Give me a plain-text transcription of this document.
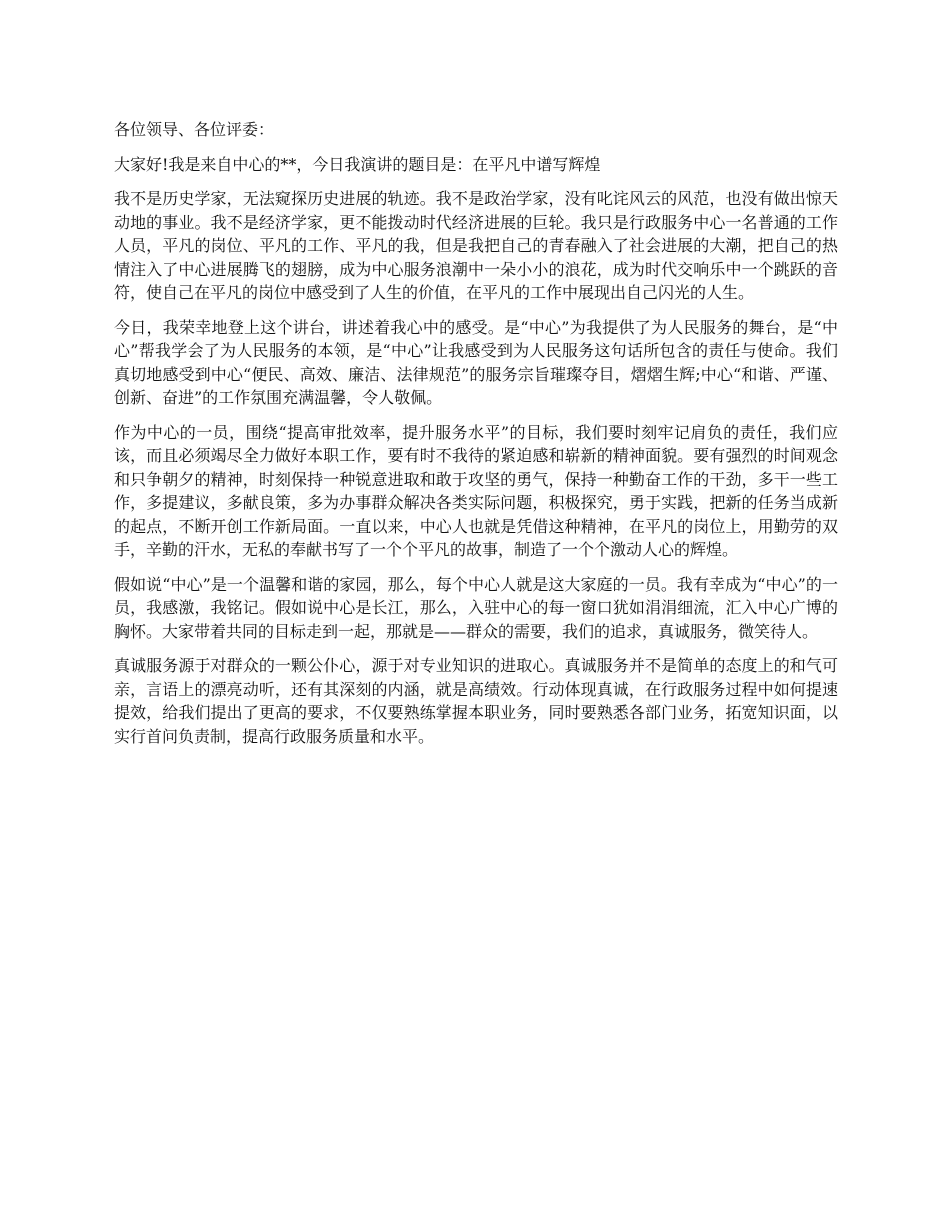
各位领导、各位评委：

大家好!我是来自中心的**，今日我演讲的题目是：在平凡中谱写辉煌

我不是历史学家，无法窥探历史进展的轨迹。我不是政治学家，没有叱诧风云的风范，也没有做出惊天动地的事业。我不是经济学家，更不能拨动时代经济进展的巨轮。我只是行政服务中心一名普通的工作人员，平凡的岗位、平凡的工作、平凡的我，但是我把自己的青春融入了社会进展的大潮，把自己的热情注入了中心进展腾飞的翅膀，成为中心服务浪潮中一朵小小的浪花，成为时代交响乐中一个跳跃的音符，使自己在平凡的岗位中感受到了人生的价值，在平凡的工作中展现出自己闪光的人生。

今日，我荣幸地登上这个讲台，讲述着我心中的感受。是“中心”为我提供了为人民服务的舞台，是“中心”帮我学会了为人民服务的本领，是“中心”让我感受到为人民服务这句话所包含的责任与使命。我们真切地感受到中心“便民、高效、廉洁、法律规范”的服务宗旨璀璨夺目，熠熠生辉;中心“和谐、严谨、创新、奋进”的工作氛围充满温馨，令人敬佩。

作为中心的一员，围绕“提高审批效率，提升服务水平”的目标，我们要时刻牢记肩负的责任，我们应该，而且必须竭尽全力做好本职工作，要有时不我待的紧迫感和崭新的精神面貌。要有强烈的时间观念和只争朝夕的精神，时刻保持一种锐意进取和敢于攻坚的勇气，保持一种勤奋工作的干劲，多干一些工作，多提建议，多献良策，多为办事群众解决各类实际问题，积极探究，勇于实践，把新的任务当成新的起点，不断开创工作新局面。一直以来，中心人也就是凭借这种精神，在平凡的岗位上，用勤劳的双手，辛勤的汗水，无私的奉献书写了一个个平凡的故事，制造了一个个激动人心的辉煌。

假如说“中心”是一个温馨和谐的家园，那么，每个中心人就是这大家庭的一员。我有幸成为“中心”的一员，我感激，我铭记。假如说中心是长江，那么，入驻中心的每一窗口犹如涓涓细流，汇入中心广博的胸怀。大家带着共同的目标走到一起，那就是——群众的需要，我们的追求，真诚服务，微笑待人。

真诚服务源于对群众的一颗公仆心，源于对专业知识的进取心。真诚服务并不是简单的态度上的和气可亲，言语上的漂亮动听，还有其深刻的内涵，就是高绩效。行动体现真诚，在行政服务过程中如何提速提效，给我们提出了更高的要求，不仅要熟练掌握本职业务，同时要熟悉各部门业务，拓宽知识面，以实行首问负责制，提高行政服务质量和水平。
